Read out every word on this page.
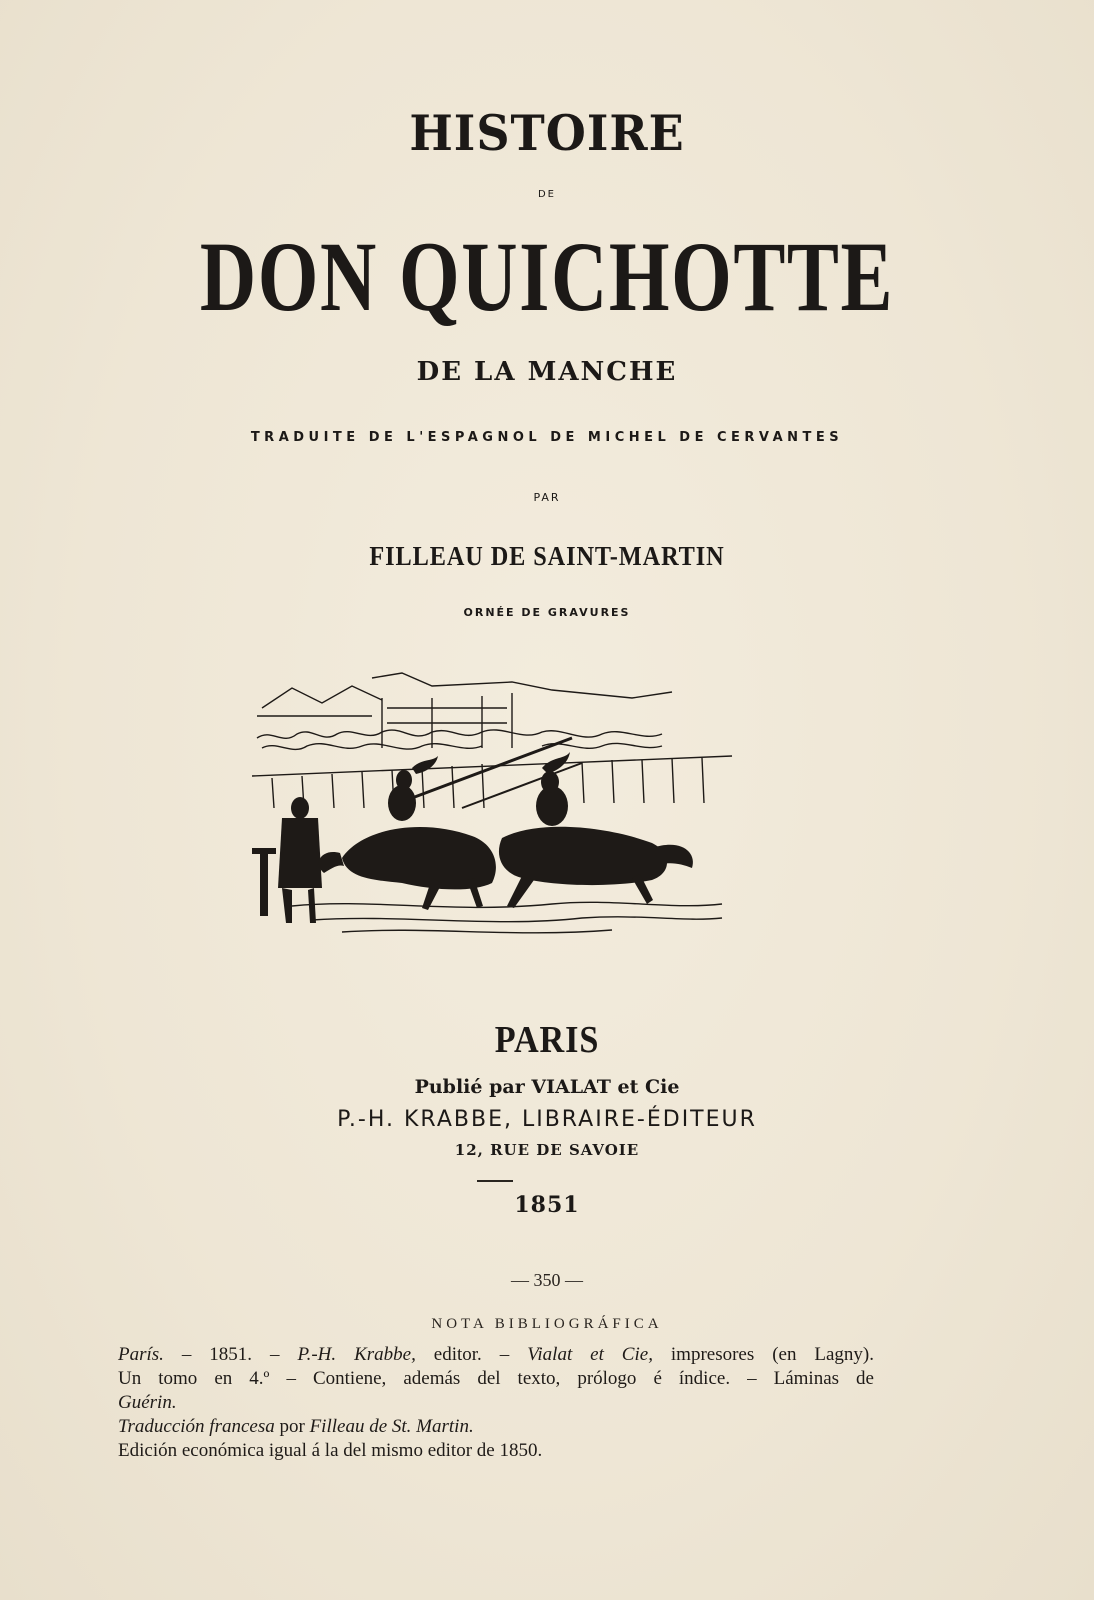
HISTOIRE
DE
DON QUICHOTTE
DE LA MANCHE
TRADUITE DE L'ESPAGNOL DE MICHEL DE CERVANTES
PAR
FILLEAU DE SAINT-MARTIN
ORNÉE DE GRAVURES
PARIS
Publié par VIALAT et Cie
P.-H. KRABBE, LIBRAIRE-ÉDITEUR
12, RUE DE SAVOIE
1851
— 350 —
NOTA BIBLIOGRÁFICA
París. – 1851. – P.-H. Krabbe, editor. – Vialat et Cie, impresores (en Lagny).
Un tomo en 4.º – Contiene, además del texto, prólogo é índice. – Láminas de
Guérin.
Traducción francesa por Filleau de St. Martin.
Edición económica igual á la del mismo editor de 1850.
